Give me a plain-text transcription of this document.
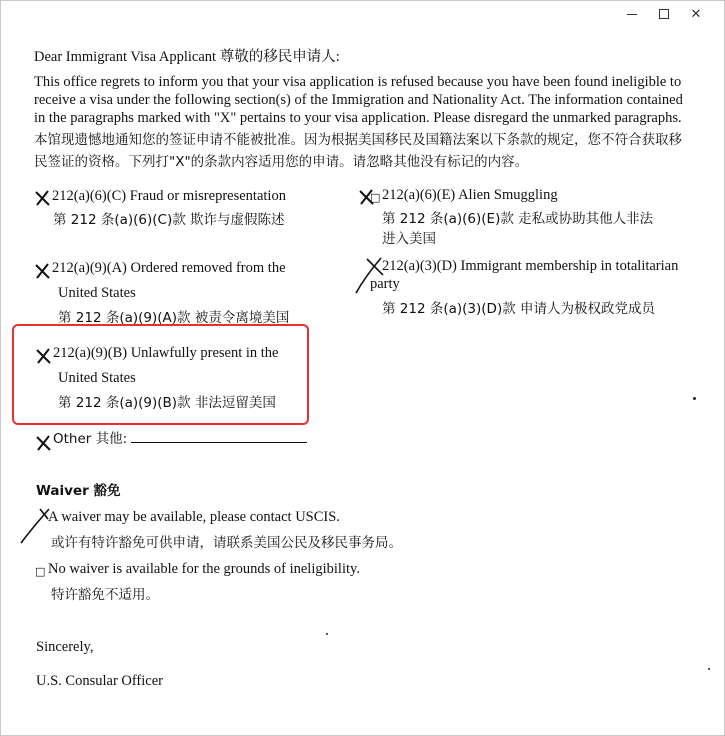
✕
Dear Immigrant Visa Applicant 尊敬的移民申请人:
This office regrets to inform you that your visa application is refused because you have been found ineligible to receive a visa under the following section(s) of the Immigration and Nationality Act. The information contained in the paragraphs marked with "X" pertains to your visa application. Please disregard the unmarked paragraphs.
本馆现遗憾地通知您的签证申请不能被批准。因为根据美国移民及国籍法案以下条款的规定，您不符合获取移民签证的资格。下列打"X"的条款内容适用您的申请。请忽略其他没有标记的内容。
212(a)(6)(C) Fraud or misrepresentation
第 212 条(a)(6)(C)款 欺诈与虚假陈述
□ 212(a)(6)(E) Alien Smuggling
第 212 条(a)(6)(E)款 走私或协助其他人非法
进入美国
212(a)(9)(A) Ordered removed from the
United States
第 212 条(a)(9)(A)款 被责令离境美国
212(a)(3)(D) Immigrant membership in totalitarian
party
第 212 条(a)(3)(D)款 申请人为极权政党成员
212(a)(9)(B) Unlawfully present in the
United States
第 212 条(a)(9)(B)款 非法逗留美国
Other 其他:
Waiver 豁免
A waiver may be available, please contact USCIS.
或许有特许豁免可供申请，请联系美国公民及移民事务局。
□ No waiver is available for the grounds of ineligibility.
特许豁免不适用。
Sincerely,
U.S. Consular Officer
